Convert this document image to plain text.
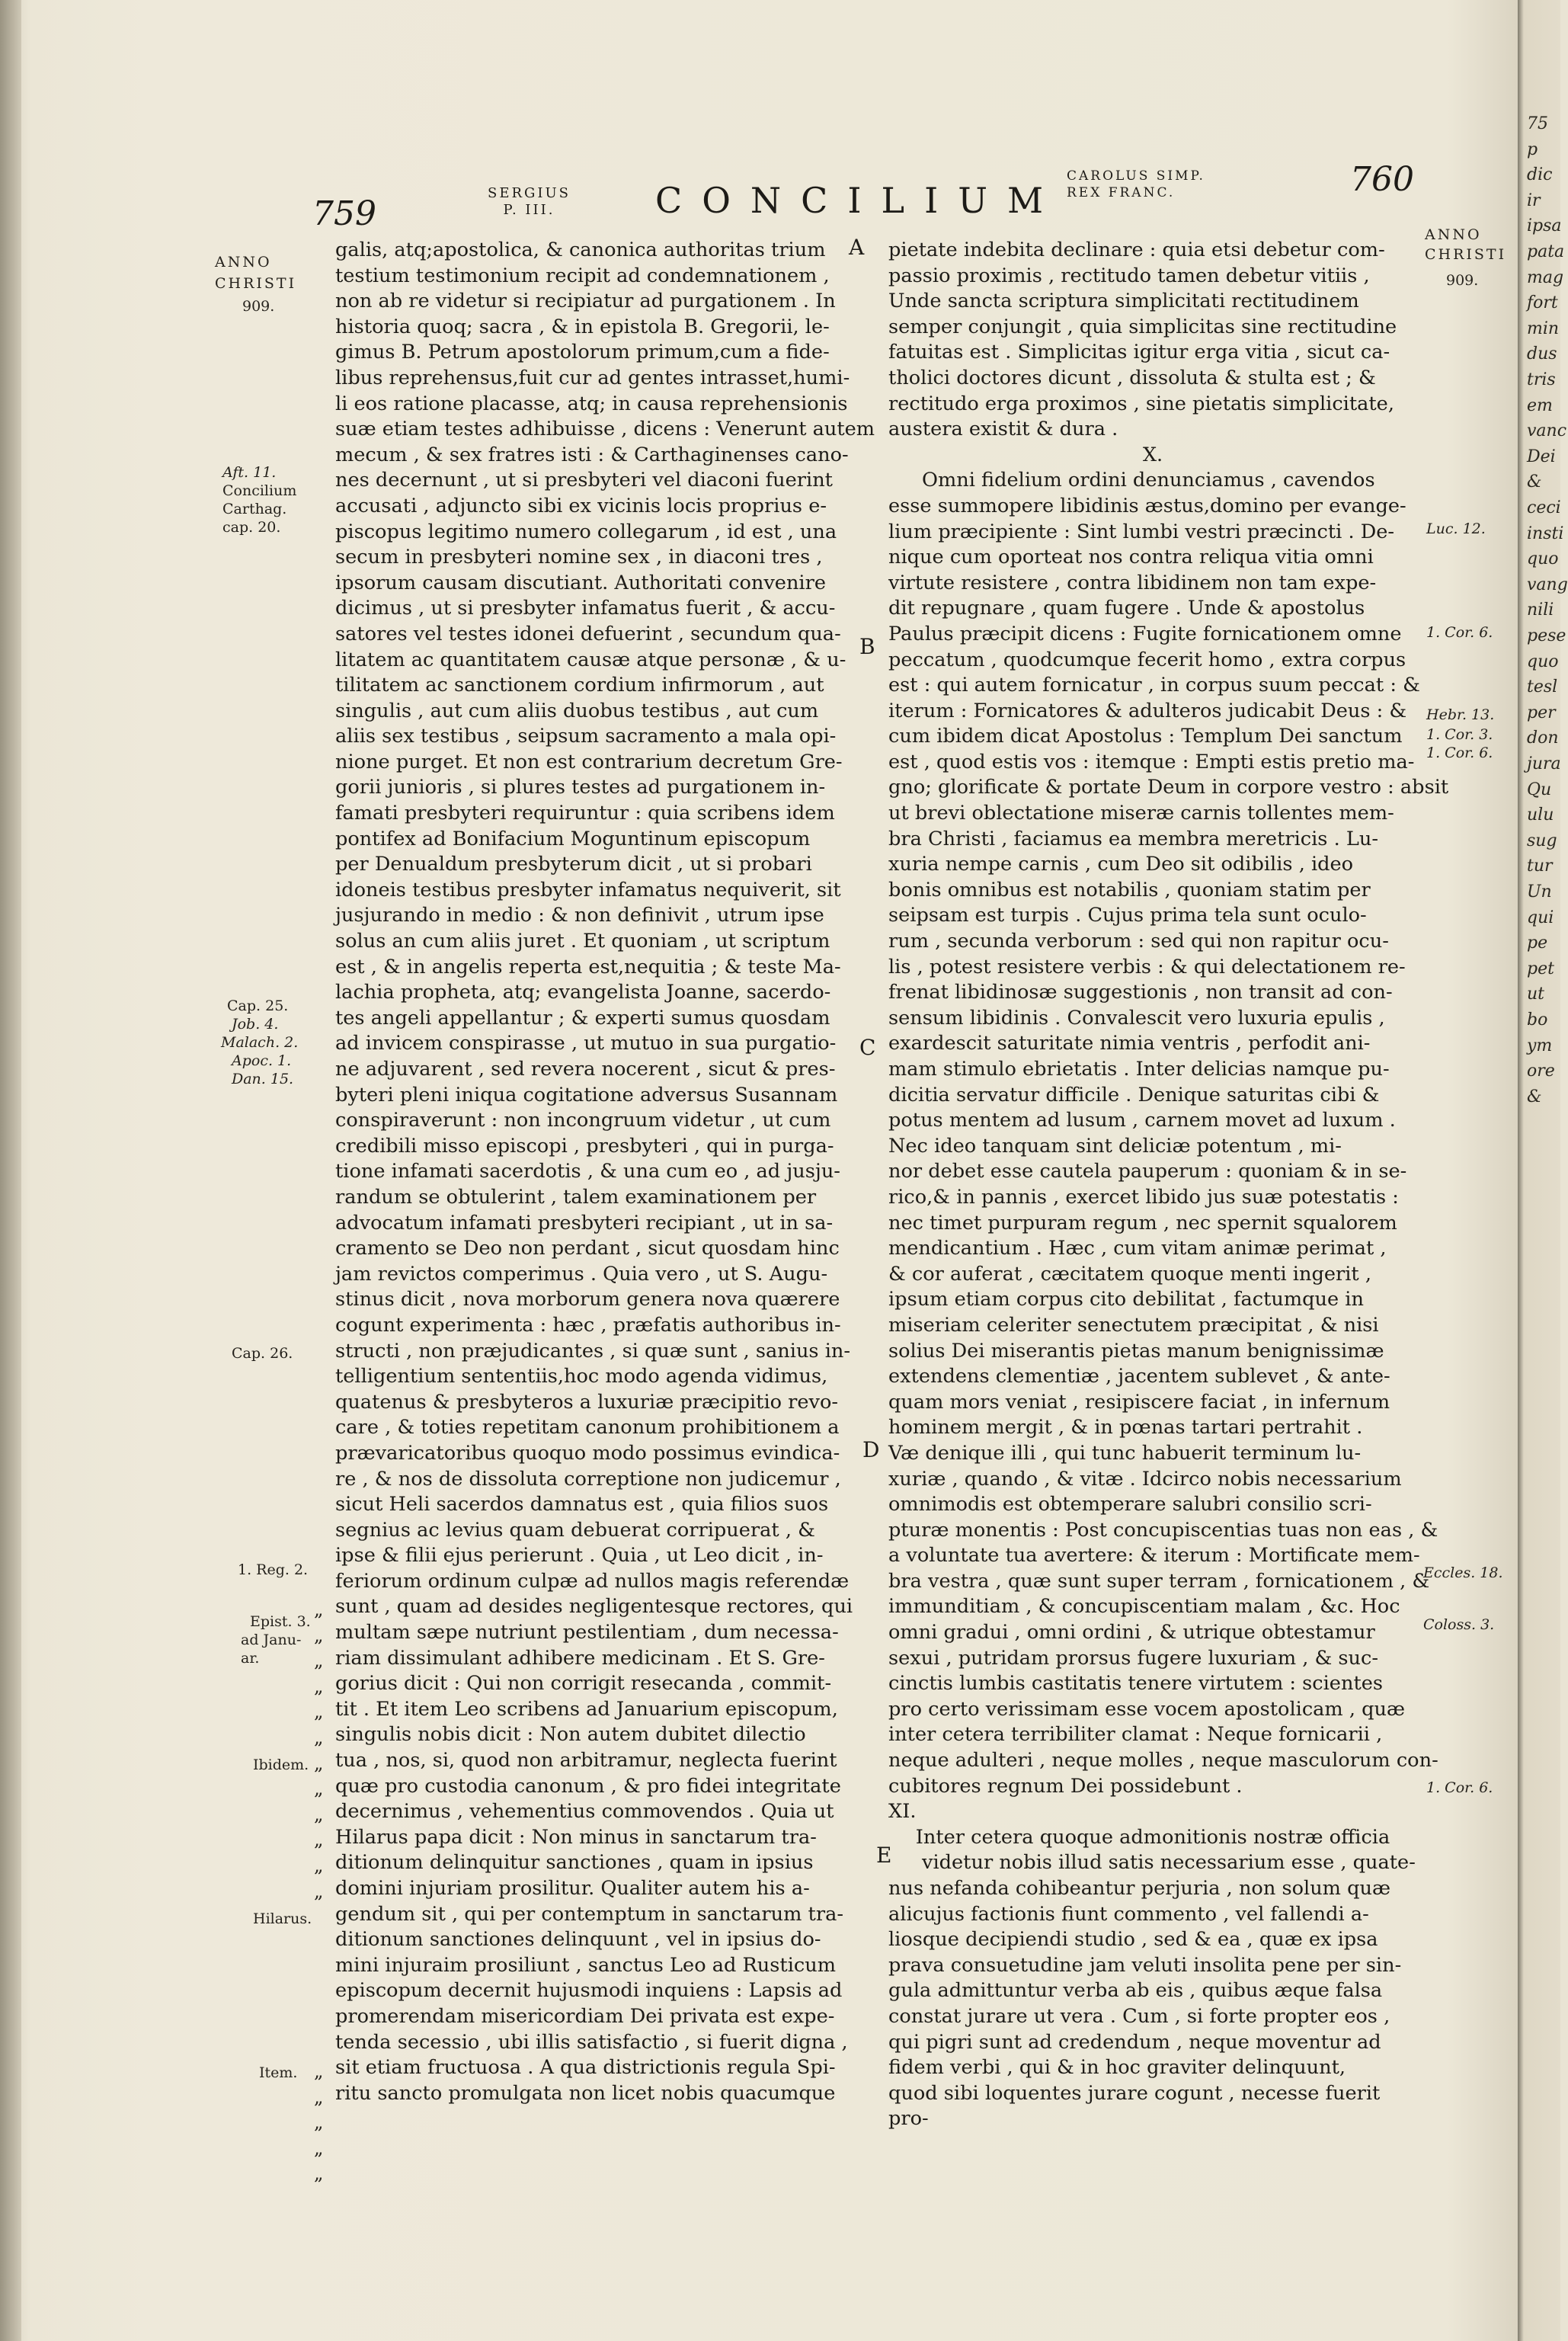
75
p
dic
ir
ipsa
pata
mag
fort
min
dus
tris
em
vanc
Dei
&
ceci
insti
quo
vang
nili
pese
quo
tesl
per
don
jura
Qu
ulu
sug
tur
Un
qui
pe
pet
ut
bo
ym
ore
&
759
SERGIUS
P. III.	CONCILIUM
CAROLUS SIMP.
REX FRANC.	760
ANNO
CHRISTI
909.
Aft. 11.
Concilium
Carthag.
cap. 20.
Cap. 25.
Job. 4.
Malach. 2.
Apoc. 1.
Dan. 15.
Cap. 26.
1. Reg. 2.
Epist. 3.
ad Janu-
ar.
Ibidem.
Hilarus.
Item.
ANNO
CHRISTI
909.
Luc. 12.
1. Cor. 6.
Hebr. 13.
1. Cor. 3.
1. Cor. 6.
Eccles. 18.
Coloss. 3.
1. Cor. 6.
A
B
C
D
E
„
„
„
„
„
„
„
„
„
„
„
„
„
„
„
„
„

galis, atq;apostolica, & canonica authoritas trium

testium testimonium recipit ad condemnationem ,

non ab re videtur si recipiatur ad purgationem . In

historia quoq; sacra , & in epistola B. Gregorii, le-

gimus B. Petrum apostolorum primum,cum a fide-

libus reprehensus,fuit cur ad gentes intrasset,humi-

li eos ratione placasse, atq; in causa reprehensionis

suæ etiam testes adhibuisse , dicens : Venerunt autem

mecum , & sex fratres isti : & Carthaginenses cano-

nes decernunt , ut si presbyteri vel diaconi fuerint

accusati , adjuncto sibi ex vicinis locis proprius e-

piscopus legitimo numero collegarum , id est , una

secum in presbyteri nomine sex , in diaconi tres ,

ipsorum causam discutiant. Authoritati convenire

dicimus , ut si presbyter infamatus fuerit , & accu-

satores vel testes idonei defuerint , secundum qua-

litatem ac quantitatem causæ atque personæ , & u-

tilitatem ac sanctionem cordium infirmorum , aut

singulis , aut cum aliis duobus testibus , aut cum

aliis sex testibus , seipsum sacramento a mala opi-

nione purget. Et non est contrarium decretum Gre-

gorii junioris , si plures testes ad purgationem in-

famati presbyteri requiruntur : quia scribens idem

pontifex ad Bonifacium Moguntinum episcopum

per Denualdum presbyterum dicit , ut si probari

idoneis testibus presbyter infamatus nequiverit, sit

jusjurando in medio : & non definivit , utrum ipse

solus an cum aliis juret . Et quoniam , ut scriptum

est , & in angelis reperta est,nequitia ; & teste Ma-

lachia propheta, atq; evangelista Joanne, sacerdo-

tes angeli appellantur ; & experti sumus quosdam

ad invicem conspirasse , ut mutuo in sua purgatio-

ne adjuvarent , sed revera nocerent , sicut & pres-

byteri pleni iniqua cogitatione adversus Susannam

conspiraverunt : non incongruum videtur , ut cum

credibili misso episcopi , presbyteri , qui in purga-

tione infamati sacerdotis , & una cum eo , ad jusju-

randum se obtulerint , talem examinationem per

advocatum infamati presbyteri recipiant , ut in sa-

cramento se Deo non perdant , sicut quosdam hinc

jam revictos comperimus . Quia vero , ut S. Augu-

stinus dicit , nova morborum genera nova quærere

cogunt experimenta : hæc , præfatis authoribus in-

structi , non præjudicantes , si quæ sunt , sanius in-

telligentium sententiis,hoc modo agenda vidimus,

quatenus & presbyteros a luxuriæ præcipitio revo-

care , & toties repetitam canonum prohibitionem a

prævaricatoribus quoquo modo possimus evindica-

re , & nos de dissoluta correptione non judicemur ,

sicut Heli sacerdos damnatus est , quia filios suos

segnius ac levius quam debuerat corripuerat , &

ipse & filii ejus perierunt . Quia , ut Leo dicit , in-

feriorum ordinum culpæ ad nullos magis referendæ

sunt , quam ad desides negligentesque rectores, qui

multam sæpe nutriunt pestilentiam , dum necessa-

riam dissimulant adhibere medicinam . Et S. Gre-

gorius dicit : Qui non corrigit resecanda , commit-

tit . Et item Leo scribens ad Januarium episcopum,

singulis nobis dicit : Non autem dubitet dilectio

tua , nos, si, quod non arbitramur, neglecta fuerint

quæ pro custodia canonum , & pro fidei integritate

decernimus , vehementius commovendos . Quia ut

Hilarus papa dicit : Non minus in sanctarum tra-

ditionum delinquitur sanctiones , quam in ipsius

domini injuriam prosilitur. Qualiter autem his a-

gendum sit , qui per contemptum in sanctarum tra-

ditionum sanctiones delinquunt , vel in ipsius do-

mini injuraim prosiliunt , sanctus Leo ad Rusticum

episcopum decernit hujusmodi inquiens : Lapsis ad

promerendam misericordiam Dei privata est expe-

tenda secessio , ubi illis satisfactio , si fuerit digna ,

sit etiam fructuosa . A qua districtionis regula Spi-

ritu sancto promulgata non licet nobis quacumque

pietate indebita declinare : quia etsi debetur com-

passio proximis , rectitudo tamen debetur vitiis ,

Unde sancta scriptura simplicitati rectitudinem

semper conjungit , quia simplicitas sine rectitudine

fatuitas est . Simplicitas igitur erga vitia , sicut ca-

tholici doctores dicunt , dissoluta & stulta est ; &

rectitudo erga proximos , sine pietatis simplicitate,

austera existit & dura .

X.

Omni fidelium ordini denunciamus , cavendos

esse summopere libidinis æstus,domino per evange-

lium præcipiente : Sint lumbi vestri præcincti . De-

nique cum oporteat nos contra reliqua vitia omni

virtute resistere , contra libidinem non tam expe-

dit repugnare , quam fugere . Unde & apostolus

Paulus præcipit dicens : Fugite fornicationem omne

peccatum , quodcumque fecerit homo , extra corpus

est : qui autem fornicatur , in corpus suum peccat : &

iterum : Fornicatores & adulteros judicabit Deus : &

cum ibidem dicat Apostolus : Templum Dei sanctum

est , quod estis vos : itemque : Empti estis pretio ma-

gno; glorificate & portate Deum in corpore vestro : absit

ut brevi oblectatione miseræ carnis tollentes mem-

bra Christi , faciamus ea membra meretricis . Lu-

xuria nempe carnis , cum Deo sit odibilis , ideo

bonis omnibus est notabilis , quoniam statim per

seipsam est turpis . Cujus prima tela sunt oculo-

rum , secunda verborum : sed qui non rapitur ocu-

lis , potest resistere verbis : & qui delectationem re-

frenat libidinosæ suggestionis , non transit ad con-

sensum libidinis . Convalescit vero luxuria epulis ,

exardescit saturitate nimia ventris , perfodit ani-

mam stimulo ebrietatis . Inter delicias namque pu-

dicitia servatur difficile . Denique saturitas cibi &

potus mentem ad lusum , carnem movet ad luxum .

Nec ideo tanquam sint deliciæ potentum , mi-

nor debet esse cautela pauperum : quoniam & in se-

rico,& in pannis , exercet libido jus suæ potestatis :

nec timet purpuram regum , nec spernit squalorem

mendicantium . Hæc , cum vitam animæ perimat ,

& cor auferat , cæcitatem quoque menti ingerit ,

ipsum etiam corpus cito debilitat , factumque in

miseriam celeriter senectutem præcipitat , & nisi

solius Dei miserantis pietas manum benignissimæ

extendens clementiæ , jacentem sublevet , & ante-

quam mors veniat , resipiscere faciat , in infernum

hominem mergit , & in pœnas tartari pertrahit .

Væ denique illi , qui tunc habuerit terminum lu-

xuriæ , quando , & vitæ . Idcirco nobis necessarium

omnimodis est obtemperare salubri consilio scri-

pturæ monentis : Post concupiscentias tuas non eas , &

a voluntate tua avertere: & iterum : Mortificate mem-

bra vestra , quæ sunt super terram , fornicationem , &

immunditiam , & concupiscentiam malam , &c. Hoc

omni gradui , omni ordini , & utrique obtestamur

sexui , putridam prorsus fugere luxuriam , & suc-

cinctis lumbis castitatis tenere virtutem : scientes

pro certo verissimam esse vocem apostolicam , quæ

inter cetera terribiliter clamat : Neque fornicarii ,

neque adulteri , neque molles , neque masculorum con-

cubitores regnum Dei possidebunt .

XI.

Inter cetera quoque admonitionis nostræ officia

videtur nobis illud satis necessarium esse , quate-

nus nefanda cohibeantur perjuria , non solum quæ

alicujus factionis fiunt commento , vel fallendi a-

liosque decipiendi studio , sed & ea , quæ ex ipsa

prava consuetudine jam veluti insolita pene per sin-

gula admittuntur verba ab eis , quibus æque falsa

constat jurare ut vera . Cum , si forte propter eos ,

qui pigri sunt ad credendum , neque moventur ad

fidem verbi , qui & in hoc graviter delinquunt,

quod sibi loquentes jurare cogunt , necesse fuerit

pro-
